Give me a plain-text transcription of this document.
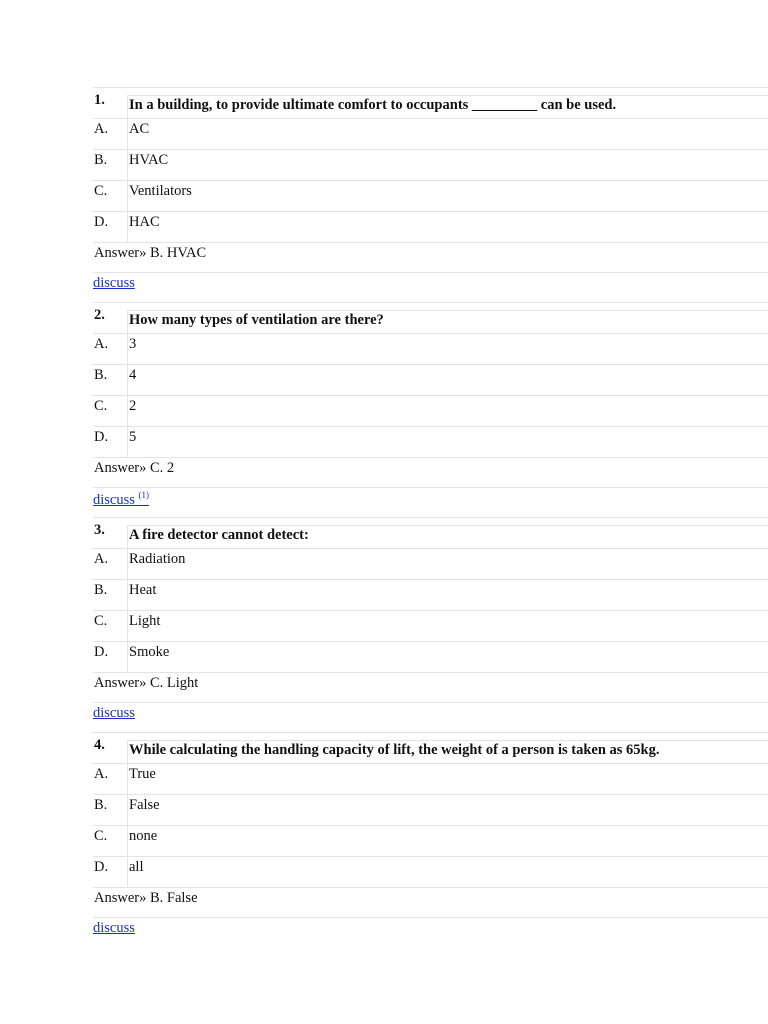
1. In a building, to provide ultimate comfort to occupants _________ can be used.
A. AC
B. HVAC
C. Ventilators
D. HAC
Answer» B. HVAC
discuss
2. How many types of ventilation are there?
A. 3
B. 4
C. 2
D. 5
Answer» C. 2
discuss $^{(1)}$
3. A fire detector cannot detect:
A. Radiation
B. Heat
C. Light
D. Smoke
Answer» C. Light
discuss
4. While calculating the handling capacity of lift, the weight of a person is taken as 65kg.
A. True
B. False
C. none
D. all
Answer» B. False
discuss
